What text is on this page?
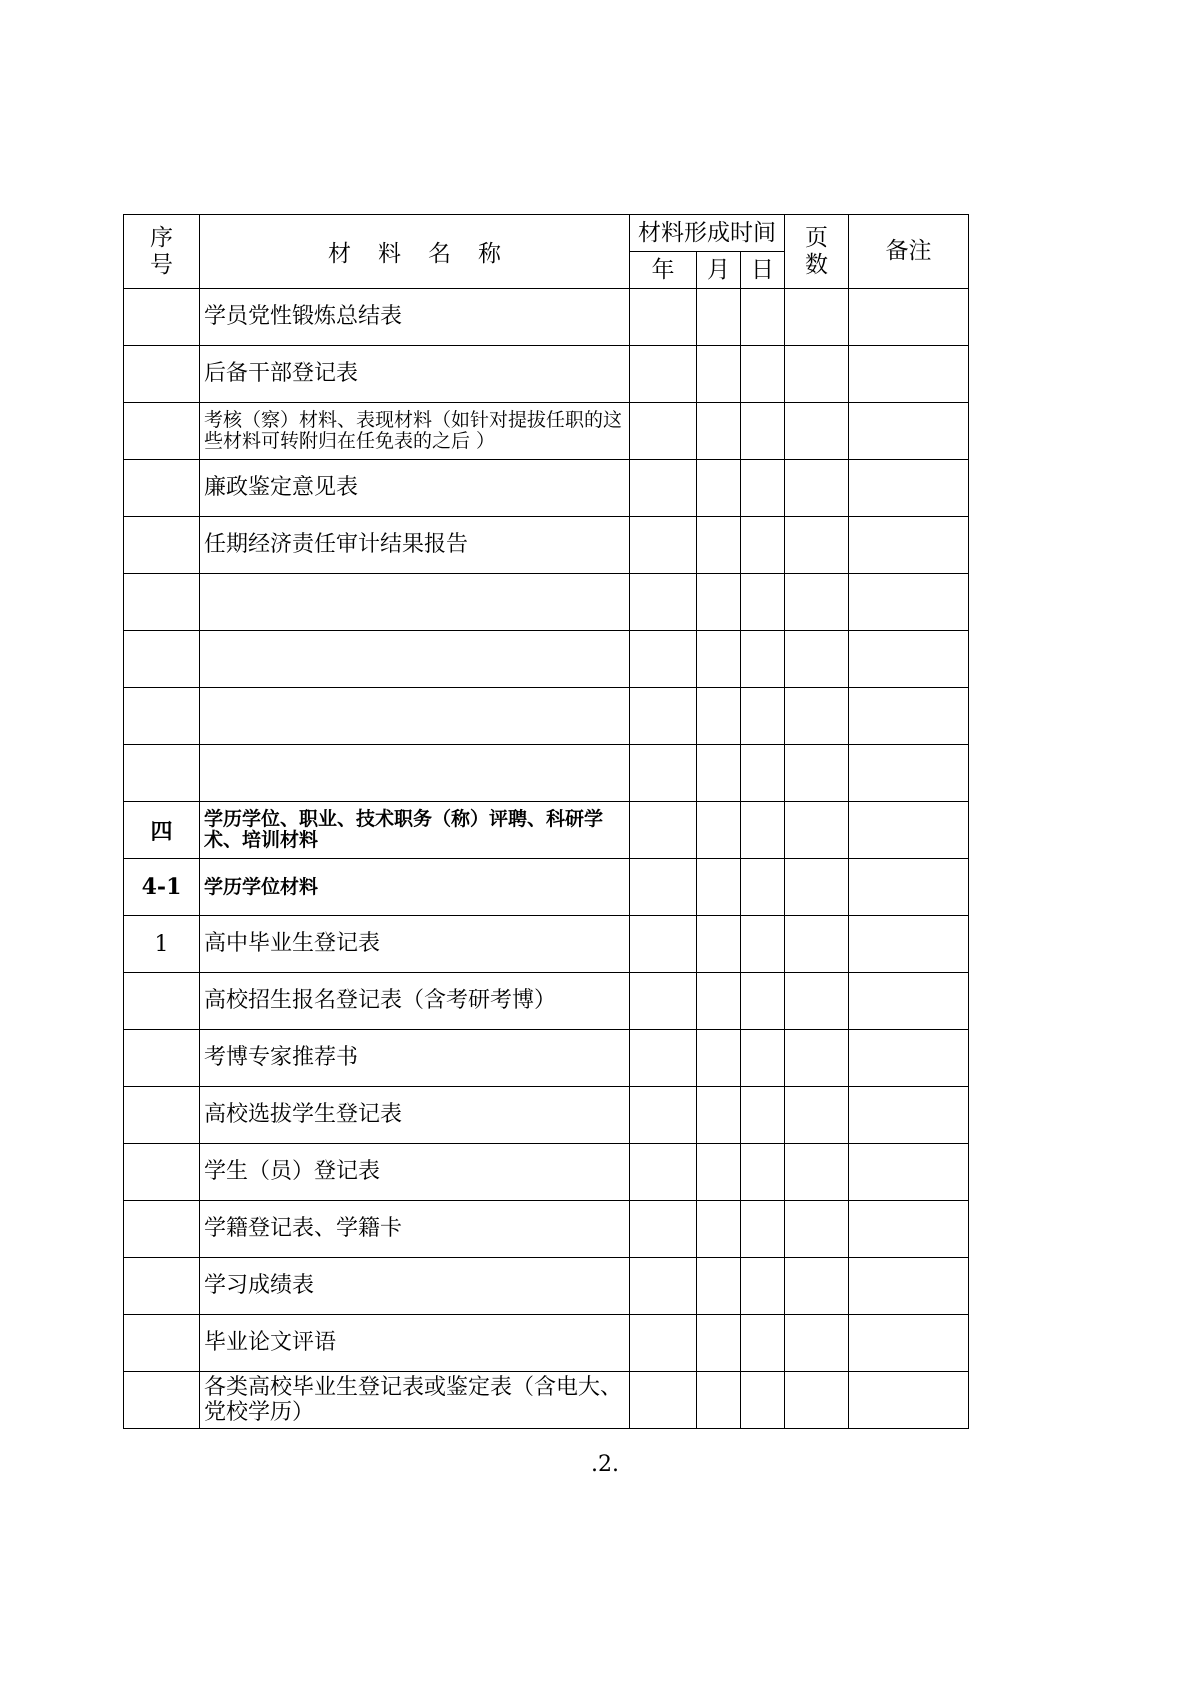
序号	材料名称	材料形成时间			页数	备注
		年	月	日		

	学员党性锻炼总结表					

	后备干部登记表					

	考核（察）材料、表现材料（如针对提拔任职的这些材料可转附归在任免表的之后 ）					

	廉政鉴定意见表					

	任期经济责任审计结果报告					

四	学历学位、职业、技术职务（称）评聘、科研学术、培训材料					

4-1	学历学位材料					

1	高中毕业生登记表					

	高校招生报名登记表（含考研考博）					

	考博专家推荐书					

	高校选拔学生登记表					

	学生（员）登记表					

	学籍登记表、学籍卡					

	学习成绩表					

	毕业论文评语					

	各类高校毕业生登记表或鉴定表（含电大、党校学历）					

.2.
